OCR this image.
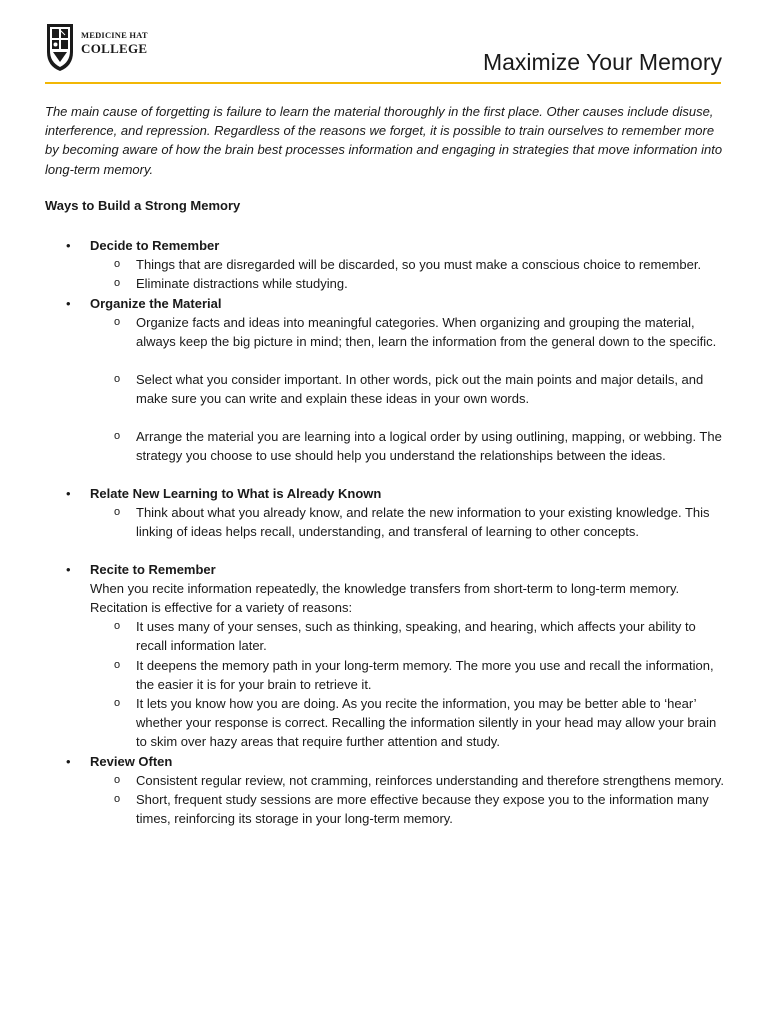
MEDICINE HAT
COLLEGE
Maximize Your Memory

The main cause of forgetting is failure to learn the material thoroughly in the first place. Other causes include disuse, interference, and repression. Regardless of the reasons we forget, it is possible to train ourselves to remember more by becoming aware of how the brain best processes information and engaging in strategies that move information into long-term memory.

Ways to Build a Strong Memory

• Decide to Remember
o Things that are disregarded will be discarded, so you must make a conscious choice to remember.
o Eliminate distractions while studying.
• Organize the Material
o Organize facts and ideas into meaningful categories. When organizing and grouping the material, always keep the big picture in mind; then, learn the information from the general down to the specific.
o Select what you consider important. In other words, pick out the main points and major details, and make sure you can write and explain these ideas in your own words.
o Arrange the material you are learning into a logical order by using outlining, mapping, or webbing. The strategy you choose to use should help you understand the relationships between the ideas.
• Relate New Learning to What is Already Known
o Think about what you already know, and relate the new information to your existing knowledge. This linking of ideas helps recall, understanding, and transferal of learning to other concepts.
• Recite to Remember
When you recite information repeatedly, the knowledge transfers from short-term to long-term memory. Recitation is effective for a variety of reasons:
o It uses many of your senses, such as thinking, speaking, and hearing, which affects your ability to recall information later.
o It deepens the memory path in your long-term memory. The more you use and recall the information, the easier it is for your brain to retrieve it.
o It lets you know how you are doing. As you recite the information, you may be better able to ‘hear’ whether your response is correct. Recalling the information silently in your head may allow your brain to skim over hazy areas that require further attention and study.
• Review Often
o Consistent regular review, not cramming, reinforces understanding and therefore strengthens memory.
o Short, frequent study sessions are more effective because they expose you to the information many times, reinforcing its storage in your long-term memory.
